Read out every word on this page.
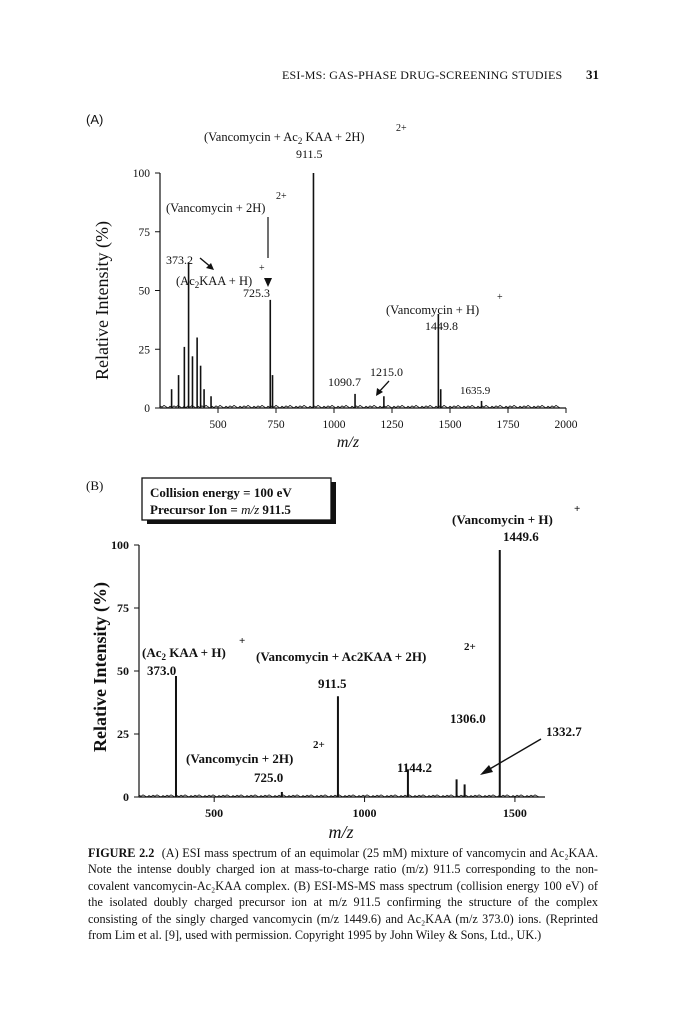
ESI-MS: GAS-PHASE DRUG-SCREENING STUDIES 31
(A)
0
25
50
75
100
500	750	1000	1250	1500	1750	2000
Relative Intensity (%)
m/z
(Vancomycin + $Ac_2$ KAA + 2H)
2+
911.5
(Vancomycin + 2H)
2+
373.2
$(Ac_2KAA + H)$
+
725.3
(Vancomycin + H)
+
1449.8
1215.0
1090.7
1635.9
(B)	Collision energy = 100 eV
Precursor Ion = m/z 911.5
0
25
50
75
100
500	1000	1500
Relative Intensity (%)
m/z
(Vancomycin + H)
+
1449.6
($Ac_2$ KAA + H)
+
373.0
(Vancomycin + Ac2KAA + 2H)
2+
911.5
(Vancomycin + 2H)
2+
725.0
1306.0
1332.7
1144.2
FIGURE 2.2 (A) ESI mass spectrum of an equimolar (25 mM) mixture of vancomycin and Ac₂KAA. Note the intense doubly charged ion at mass-to-charge ratio (m/z) 911.5 corresponding to the non-covalent vancomycin-Ac₂KAA complex. (B) ESI-MS-MS mass spectrum (collision energy 100 eV) of the isolated doubly charged precursor ion at m/z 911.5 confirming the structure of the complex consisting of the singly charged vancomycin (m/z 1449.6) and Ac₂KAA (m/z 373.0) ions. (Reprinted from Lim et al. [9], used with permission. Copyright 1995 by John Wiley & Sons, Ltd., UK.)
